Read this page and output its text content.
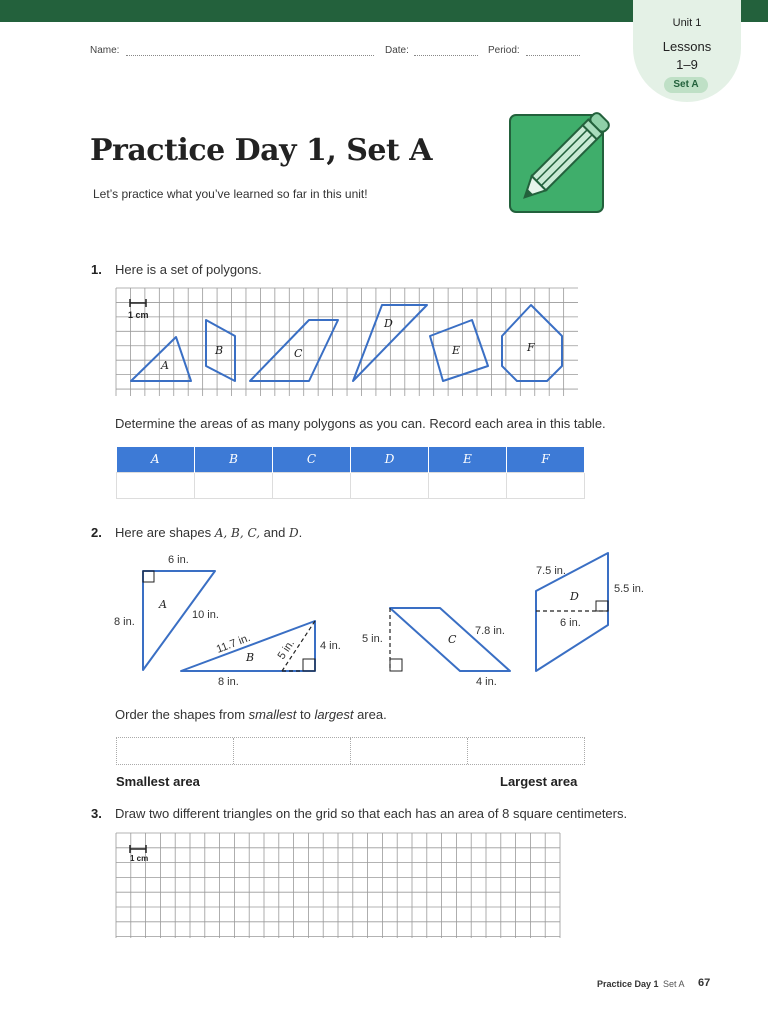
Unit 1
Lessons
1–9
Set A
Name:	Date:	Period:
Practice Day 1, Set A
Let’s practice what you’ve learned so far in this unit!
1. Here is a set of polygons.
1 cm
A
B	C
D
E	F
Determine the areas of as many polygons as you can. Record each area in this table.
A	B	C	D	E	F

2. Here are shapes A, B, C, and D.
6 in.
8 in.
10 in.
11.7 in. 5 in. 4 in.
8 in.
5 in.
7.8 in.
4 in.
7.5 in.
5.5 in.
6 in.
A
B
C
D
Order the shapes from smallest to largest area.
Smallest area	Largest area
3. Draw two different triangles on the grid so that each has an area of 8 square centimeters.
1 cm
Practice Day 1 Set A 67
